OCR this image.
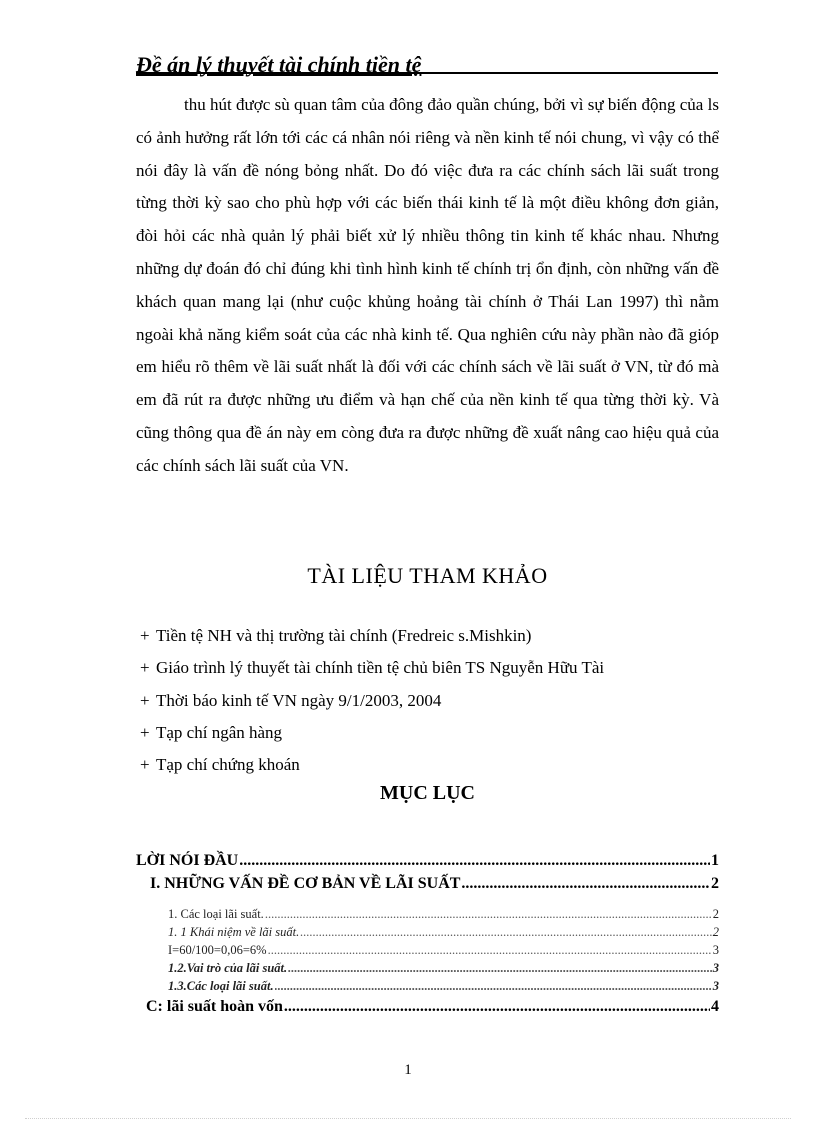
Đề án lý thuyết tài chính tiền tệ

thu hút được sù quan tâm của đông đảo quần chúng, bởi vì sự biến động của ls có ảnh hưởng rất lớn tới các cá nhân nói riêng và nền kinh tế nói chung, vì vậy có thể nói đây là vấn đề nóng bỏng nhất. Do đó việc đưa ra các chính sách lãi suất trong từng thời kỳ sao cho phù hợp với các biến thái kinh tế là một điều không đơn giản, đòi hỏi các nhà quản lý phải biết xử lý nhiều thông tin kinh tế khác nhau. Nhưng những dự đoán đó chỉ đúng khi tình hình kinh tế chính trị ổn định, còn những vấn đề khách quan mang lại (như cuộc khủng hoảng tài chính ở Thái Lan 1997) thì nằm ngoài khả năng kiểm soát của các nhà kinh tế. Qua nghiên cứu này phần nào đã gióp em hiểu rõ thêm về lãi suất nhất là đối với các chính sách về lãi suất ở VN, từ đó mà em đã rút ra được những ưu điểm và hạn chế của nền kinh tế qua từng thời kỳ. Và cũng thông qua đề án này em còng đưa ra được những đề xuất nâng cao hiệu quả của các chính sách lãi suất của VN.

TÀI LIỆU THAM KHẢO
+ Tiền tệ NH và thị trường tài chính (Fredreic s.Mishkin)
+ Giáo trình lý thuyết tài chính tiền tệ chủ biên TS Nguyễn Hữu Tài
+ Thời báo kinh tế VN ngày 9/1/2003, 2004
+ Tạp chí ngân hàng
+ Tạp chí chứng khoán
MỤC LỤC
LỜI NÓI ĐẦU .....	1
I. NHỮNG VẤN ĐỀ CƠ BẢN VỀ LÃI SUẤT .....	2
1. Các loại lãi suất. .....	2
1. 1 Khái niệm về lãi suất. .....	2
I=60/100=0,06=6% .....	3
1.2.Vai trò của lãi suất. .....	3
1.3.Các loại lãi suất. .....	3
C: lãi suất hoàn vốn .....	4
1
